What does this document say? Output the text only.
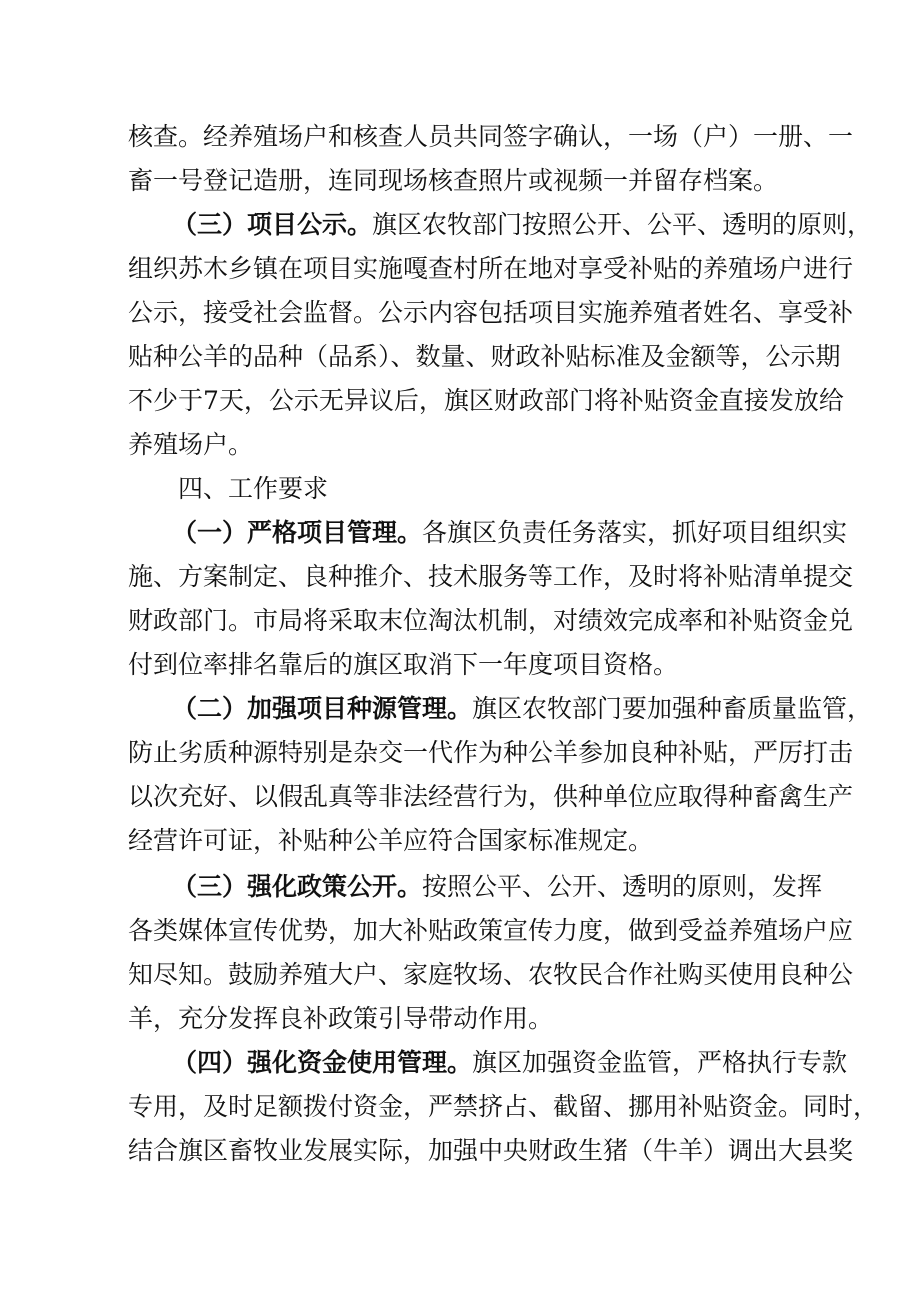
核查。经养殖场户和核查人员共同签字确认，一场（户）一册、一
畜一号登记造册，连同现场核查照片或视频一并留存档案。
（三）项目公示。旗区农牧部门按照公开、公平、透明的原则，
组织苏木乡镇在项目实施嘎查村所在地对享受补贴的养殖场户进行
公示，接受社会监督。公示内容包括项目实施养殖者姓名、享受补
贴种公羊的品种（品系）、数量、财政补贴标准及金额等，公示期
不少于7天，公示无异议后，旗区财政部门将补贴资金直接发放给
养殖场户。
四、工作要求
（一）严格项目管理。各旗区负责任务落实，抓好项目组织实
施、方案制定、良种推介、技术服务等工作，及时将补贴清单提交
财政部门。市局将采取末位淘汰机制，对绩效完成率和补贴资金兑
付到位率排名靠后的旗区取消下一年度项目资格。
（二）加强项目种源管理。旗区农牧部门要加强种畜质量监管，
防止劣质种源特别是杂交一代作为种公羊参加良种补贴，严厉打击
以次充好、以假乱真等非法经营行为，供种单位应取得种畜禽生产
经营许可证，补贴种公羊应符合国家标准规定。
（三）强化政策公开。按照公平、公开、透明的原则，发挥
各类媒体宣传优势，加大补贴政策宣传力度，做到受益养殖场户应
知尽知。鼓励养殖大户、家庭牧场、农牧民合作社购买使用良种公
羊，充分发挥良补政策引导带动作用。
（四）强化资金使用管理。旗区加强资金监管，严格执行专款
专用，及时足额拨付资金，严禁挤占、截留、挪用补贴资金。同时，
结合旗区畜牧业发展实际，加强中央财政生猪（牛羊）调出大县奖
